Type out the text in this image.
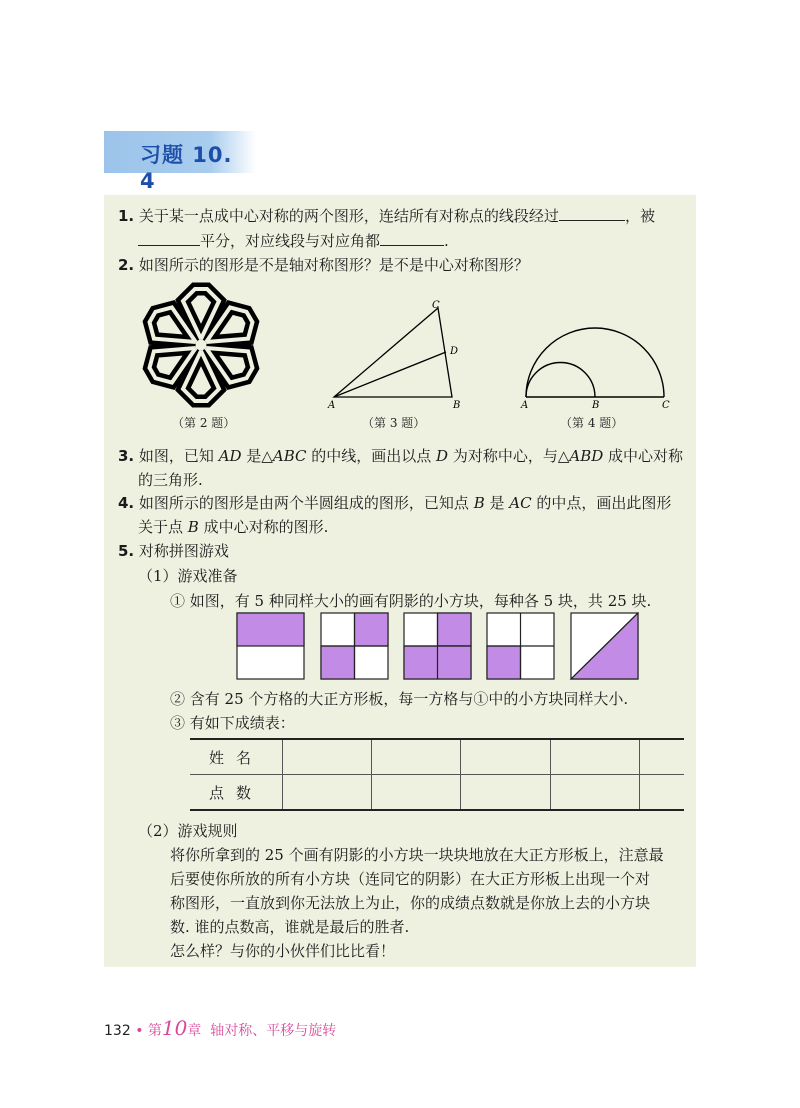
习题 10. 4
1. 关于某一点成中心对称的两个图形，连结所有对称点的线段经过	，被
平分，对应线段与对应角都	.
2. 如图所示的图形是不是轴对称图形？是不是中心对称图形？
A	B
C
D
A	B	C
（第 2 题）	（第 3 题）	（第 4 题）
3. 如图，已知 AD 是△ABC 的中线，画出以点 D 为对称中心，与△ABD 成中心对称
的三角形.
4. 如图所示的图形是由两个半圆组成的图形，已知点 B 是 AC 的中点，画出此图形
关于点 B 成中心对称的图形.
5. 对称拼图游戏
（1）游戏准备
① 如图，有 5 种同样大小的画有阴影的小方块，每种各 5 块，共 25 块.
② 含有 25 个方格的大正方形板，每一方格与①中的小方块同样大小.
③ 有如下成绩表：
姓名					
点数					
（2）游戏规则
将你所拿到的 25 个画有阴影的小方块一块块地放在大正方形板上，注意最
后要使你所放的所有小方块（连同它的阴影）在大正方形板上出现一个对
称图形，一直放到你无法放上为止，你的成绩点数就是你放上去的小方块
数. 谁的点数高，谁就是最后的胜者.
怎么样？与你的小伙伴们比比看！
132 • 第10章 轴对称、平移与旋转
